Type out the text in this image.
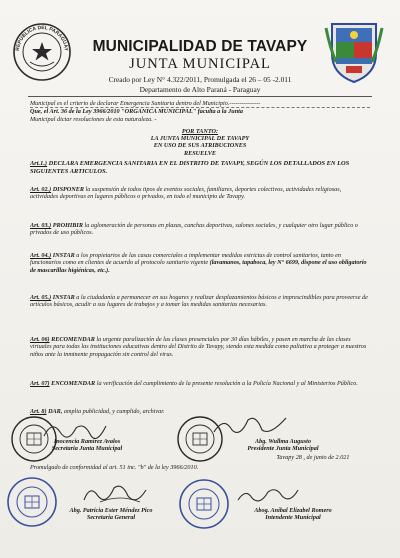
REPUBLICA DEL PARAGUAY	MUNICIPALIDAD DE TAVAPY
JUNTA MUNICIPAL
Creado por Ley N° 4.322/2011, Promulgada el 26 – 05 -2.011
Departamento de Alto Paraná - Paraguay
Municipal es el criterio de declarar Emergencia Sanitaria dentro del Municipio.---------------
Que, el Art. 36 de la Ley 3966/2010 "ORGANICA MUNICIPAL" faculta a la Junta
Municipal dictar resoluciones de esta naturaleza. -
POR TANTO:
LA JUNTA MUNICIPAL DE TAVAPY
EN USO DE SUS ATRIBUCIONES
RESUELVE
Art.1.) DECLARA EMERGENCIA SANITARIA EN EL DISTRITO DE TAVAPY, SEGÚN LOS DETALLADOS EN LOS SIGUIENTES ARTICULOS.
Art. 02.) DISPONER la suspensión de todos tipos de eventos sociales, familiares, deportes colectivos, actividades religiosas, actividades deportivas en lugares públicos o privados, en todo el municipio de Tavapy.
Art. 03.) PROHIBIR la aglomeración de personas en plazas, canchas deportivas, salones sociales, y cualquier otro lugar público o privados de uso públicos.
Art. 04.) INSTAR a los propietarios de las casas comerciales a implementar medidas estrictas de control sanitarios, tanto en funcionarios como en clientes de acuerdo al protocolo sanitario vigente (lavamanos, tapaboca, ley N° 6699, dispone el uso obligatorio de mascarillas higiénicas, etc.).
Art. 05.) INSTAR a la ciudadanía a permanecer en sus hogares y realizar desplazamientos básicos e imprescindibles para proveerse de artículos básicos, acudir a sus lugares de trabajos y a tomar las medidas sanitarias necesarias.
Art. 06) RECOMENDAR la urgente paralización de las clases presenciales por 30 días hábiles, y pasen en marcha de las clases virtuales para todas las instituciones educativas dentro del Distrito de Tavapy, siendo esta medida como paliativa a proteger a nuestros niños ante la inminente propagación sin control del virus.
Art. 07) ENCOMENDAR la verificación del cumplimiento de la presente resolución a la Policía Nacional y al Ministerios Público.
Art. 8) DAR, amplia publicidad, y cumplido, archivar.
Inocencia Ramírez Avalos
Secretaria Junta Municipal
Abg. Wullma Augusto
Presidente Junta Municipal
Tavapy 28 , de junio de 2.021
Promulgado de conformidad al art. 51 inc. "b" de la ley 3966/2010.
Abg. Patricia Ester Méndez Pico
Secretaria General
Abog. Aníbal Elizabel Romero
Intendente Municipal
